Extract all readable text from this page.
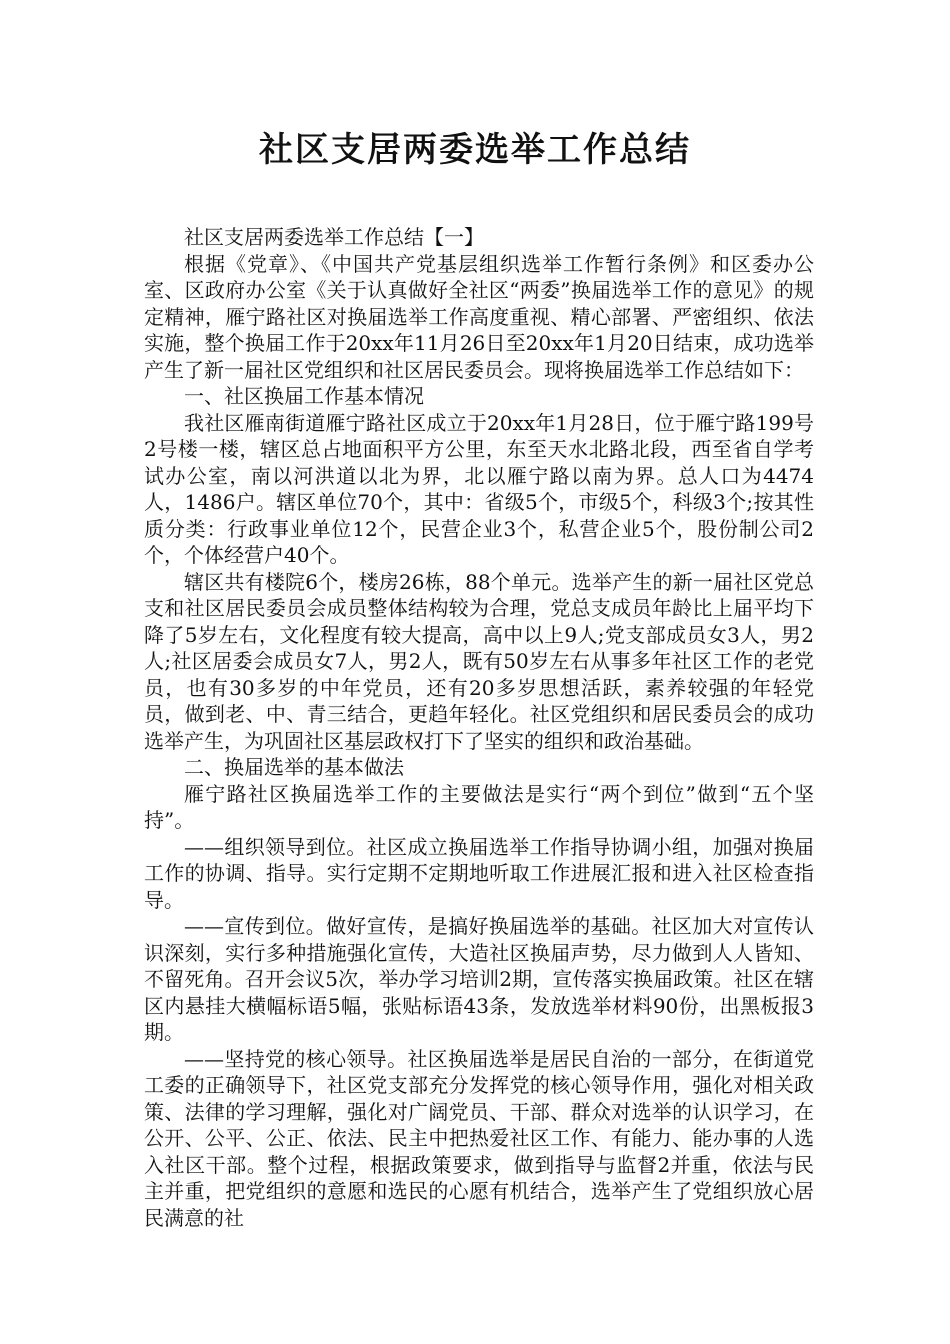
社区支居两委选举工作总结

社区支居两委选举工作总结【一】

根据《党章》、《中国共产党基层组织选举工作暂行条例》和区委办公室、区政府办公室《关于认真做好全社区“两委”换届选举工作的意见》的规定精神，雁宁路社区对换届选举工作高度重视、精心部署、严密组织、依法实施，整个换届工作于20xx年11月26日至20xx年1月20日结束，成功选举产生了新一届社区党组织和社区居民委员会。现将换届选举工作总结如下：

一、社区换届工作基本情况

我社区雁南街道雁宁路社区成立于20xx年1月28日，位于雁宁路199号2号楼一楼，辖区总占地面积平方公里，东至天水北路北段，西至省自学考试办公室，南以河洪道以北为界，北以雁宁路以南为界。总人口为4474人，1486户。辖区单位70个，其中：省级5个，市级5个，科级3个;按其性质分类：行政事业单位12个，民营企业3个，私营企业5个，股份制公司2个，个体经营户40个。

辖区共有楼院6个，楼房26栋，88个单元。选举产生的新一届社区党总支和社区居民委员会成员整体结构较为合理，党总支成员年龄比上届平均下降了5岁左右，文化程度有较大提高，高中以上9人;党支部成员女3人，男2人;社区居委会成员女7人，男2人，既有50岁左右从事多年社区工作的老党员，也有30多岁的中年党员，还有20多岁思想活跃，素养较强的年轻党员，做到老、中、青三结合，更趋年轻化。社区党组织和居民委员会的成功选举产生，为巩固社区基层政权打下了坚实的组织和政治基础。

二、换届选举的基本做法

雁宁路社区换届选举工作的主要做法是实行“两个到位”做到“五个坚持”。

——组织领导到位。社区成立换届选举工作指导协调小组，加强对换届工作的协调、指导。实行定期不定期地听取工作进展汇报和进入社区检查指导。

——宣传到位。做好宣传，是搞好换届选举的基础。社区加大对宣传认识深刻，实行多种措施强化宣传，大造社区换届声势，尽力做到人人皆知、不留死角。召开会议5次，举办学习培训2期，宣传落实换届政策。社区在辖区内悬挂大横幅标语5幅，张贴标语43条，发放选举材料90份，出黑板报3期。

——坚持党的核心领导。社区换届选举是居民自治的一部分，在街道党工委的正确领导下，社区党支部充分发挥党的核心领导作用，强化对相关政策、法律的学习理解，强化对广阔党员、干部、群众对选举的认识学习，在公开、公平、公正、依法、民主中把热爱社区工作、有能力、能办事的人选入社区干部。整个过程，根据政策要求，做到指导与监督2并重，依法与民主并重，把党组织的意愿和选民的心愿有机结合，选举产生了党组织放心居民满意的社
